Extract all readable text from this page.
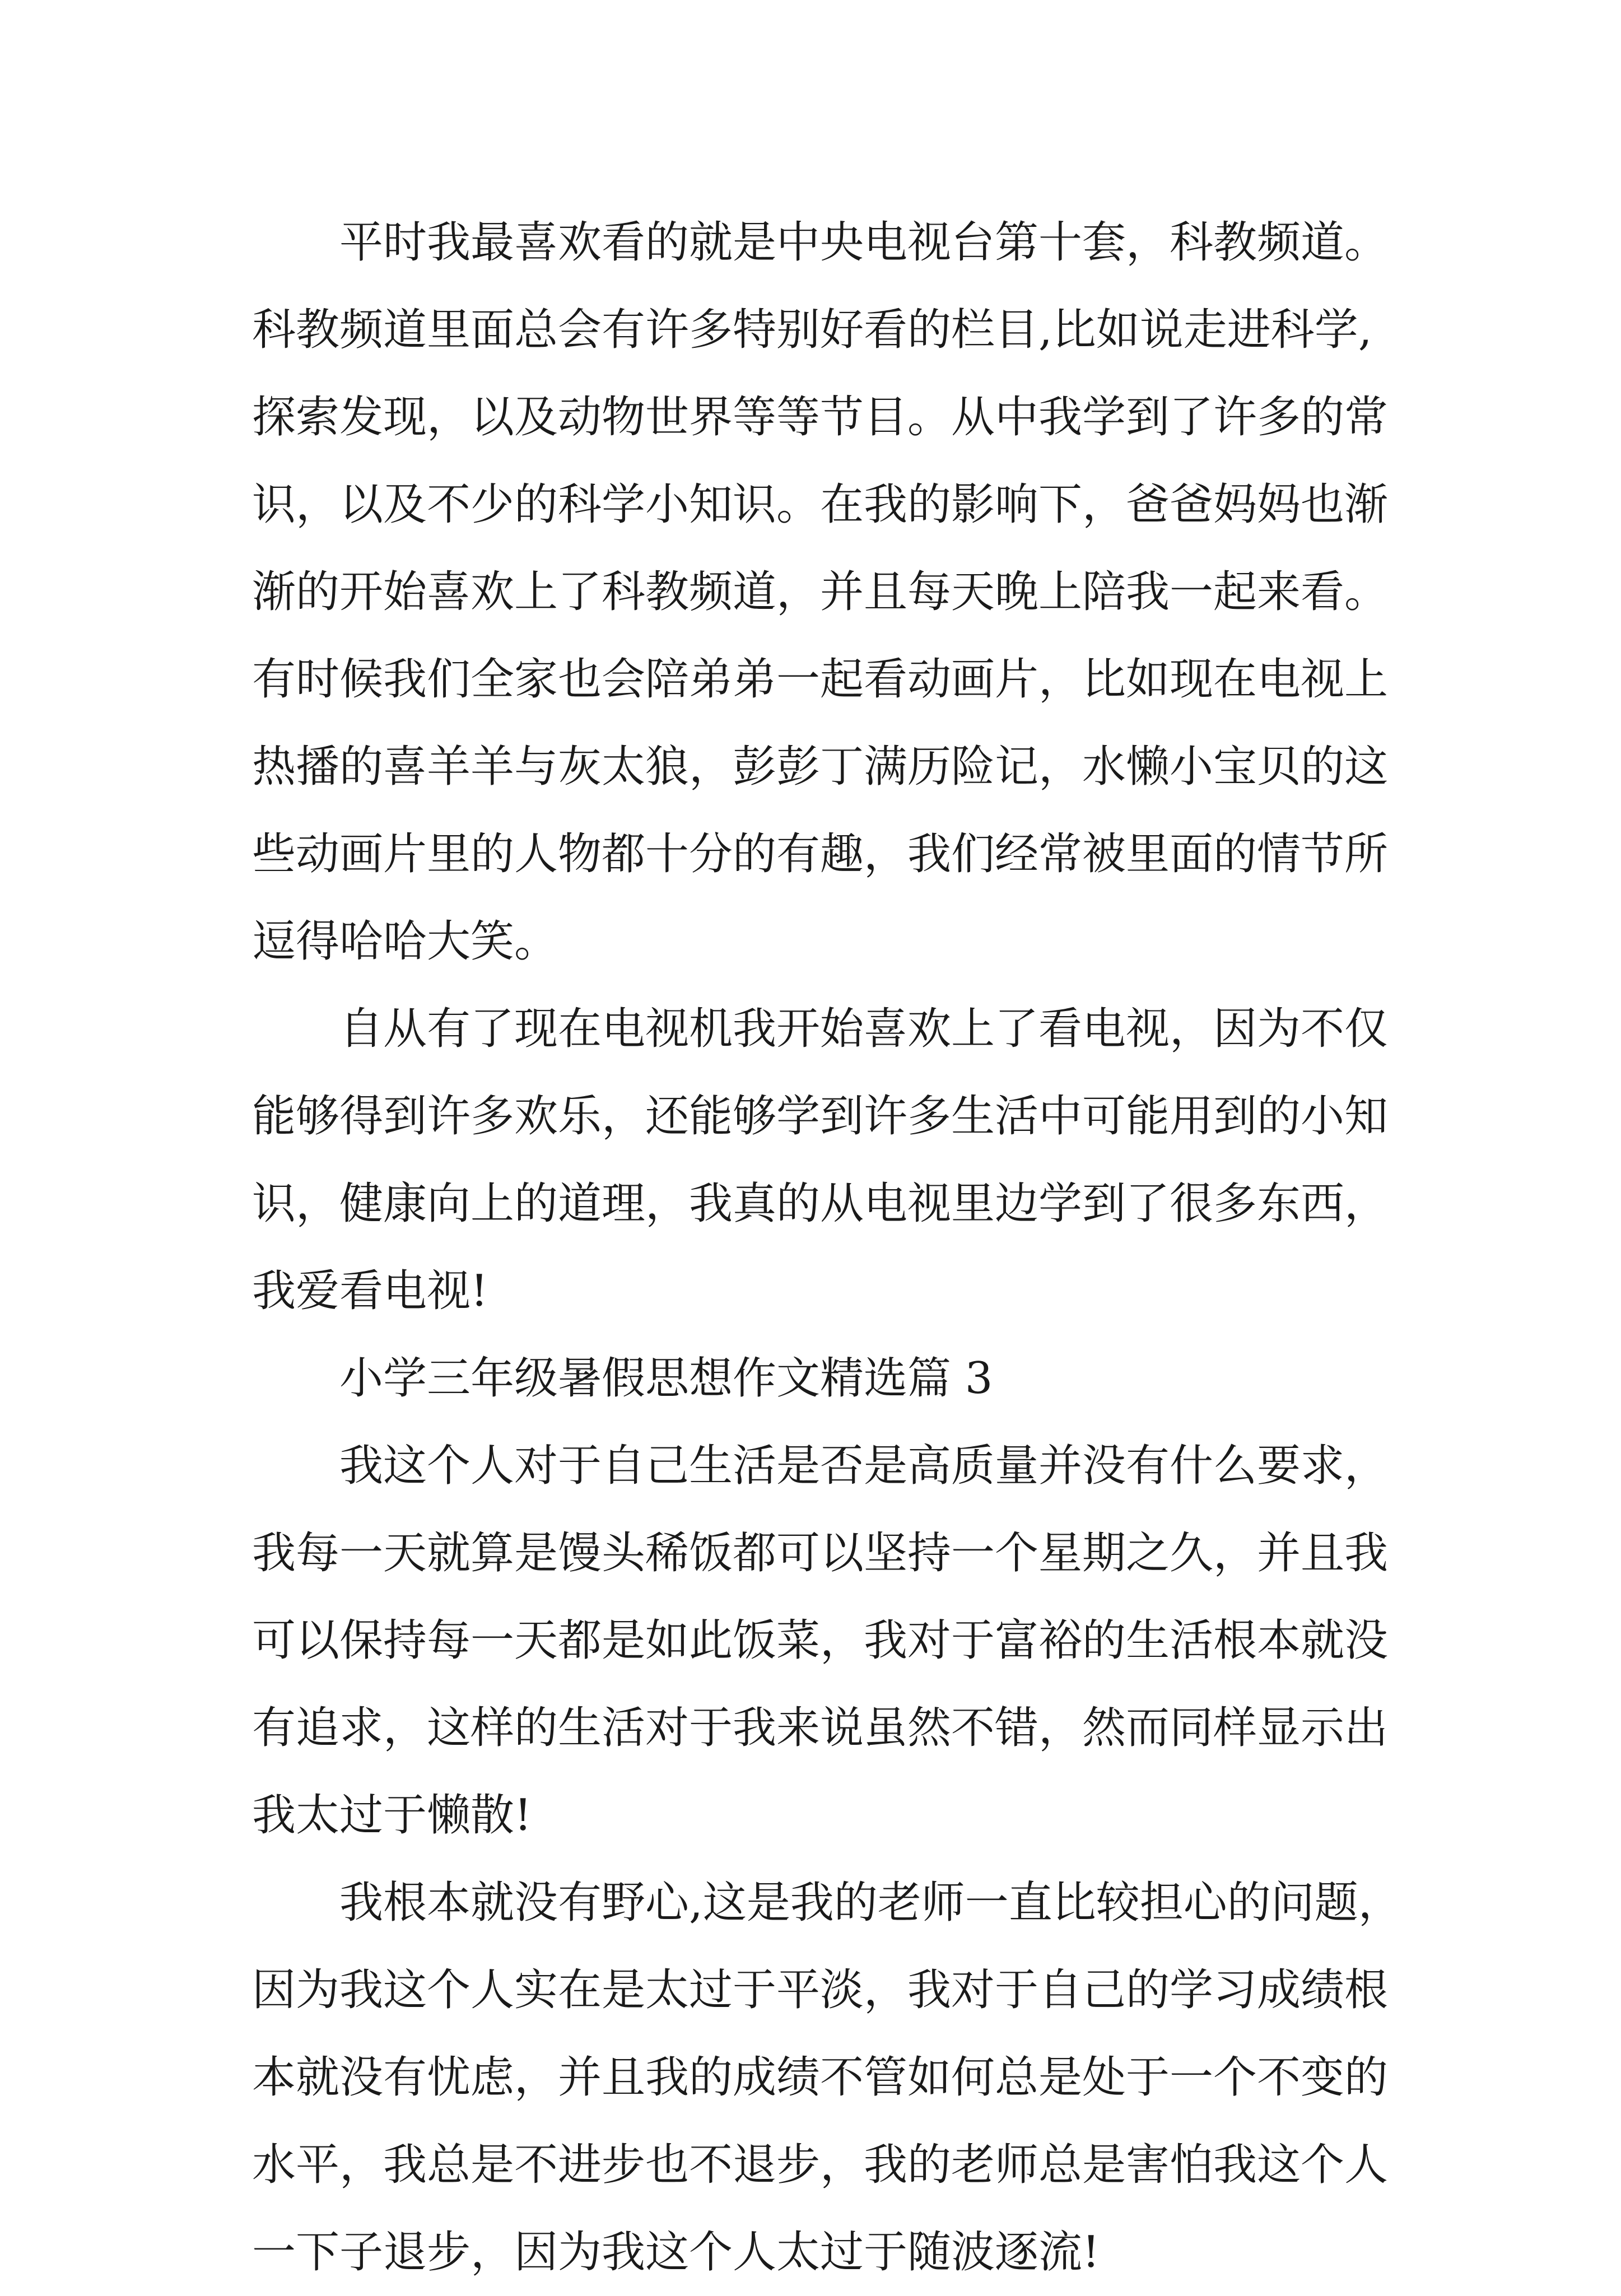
平时我最喜欢看的就是中央电视台第十套，科教频道。
科教频道里面总会有许多特别好看的栏目,比如说走进科学,
探索发现，以及动物世界等等节目。从中我学到了许多的常
识，以及不少的科学小知识。在我的影响下，爸爸妈妈也渐
渐的开始喜欢上了科教频道，并且每天晚上陪我一起来看。
有时候我们全家也会陪弟弟一起看动画片，比如现在电视上
热播的喜羊羊与灰太狼，彭彭丁满历险记，水懒小宝贝的这
些动画片里的人物都十分的有趣，我们经常被里面的情节所
逗得哈哈大笑。
自从有了现在电视机我开始喜欢上了看电视，因为不仅
能够得到许多欢乐，还能够学到许多生活中可能用到的小知
识，健康向上的道理，我真的从电视里边学到了很多东西，
我爱看电视!
小学三年级暑假思想作文精选篇 3
我这个人对于自己生活是否是高质量并没有什么要求，
我每一天就算是馒头稀饭都可以坚持一个星期之久，并且我
可以保持每一天都是如此饭菜，我对于富裕的生活根本就没
有追求，这样的生活对于我来说虽然不错，然而同样显示出
我太过于懒散!
我根本就没有野心,这是我的老师一直比较担心的问题，
因为我这个人实在是太过于平淡，我对于自己的学习成绩根
本就没有忧虑，并且我的成绩不管如何总是处于一个不变的
水平，我总是不进步也不退步，我的老师总是害怕我这个人
一下子退步，因为我这个人太过于随波逐流!
